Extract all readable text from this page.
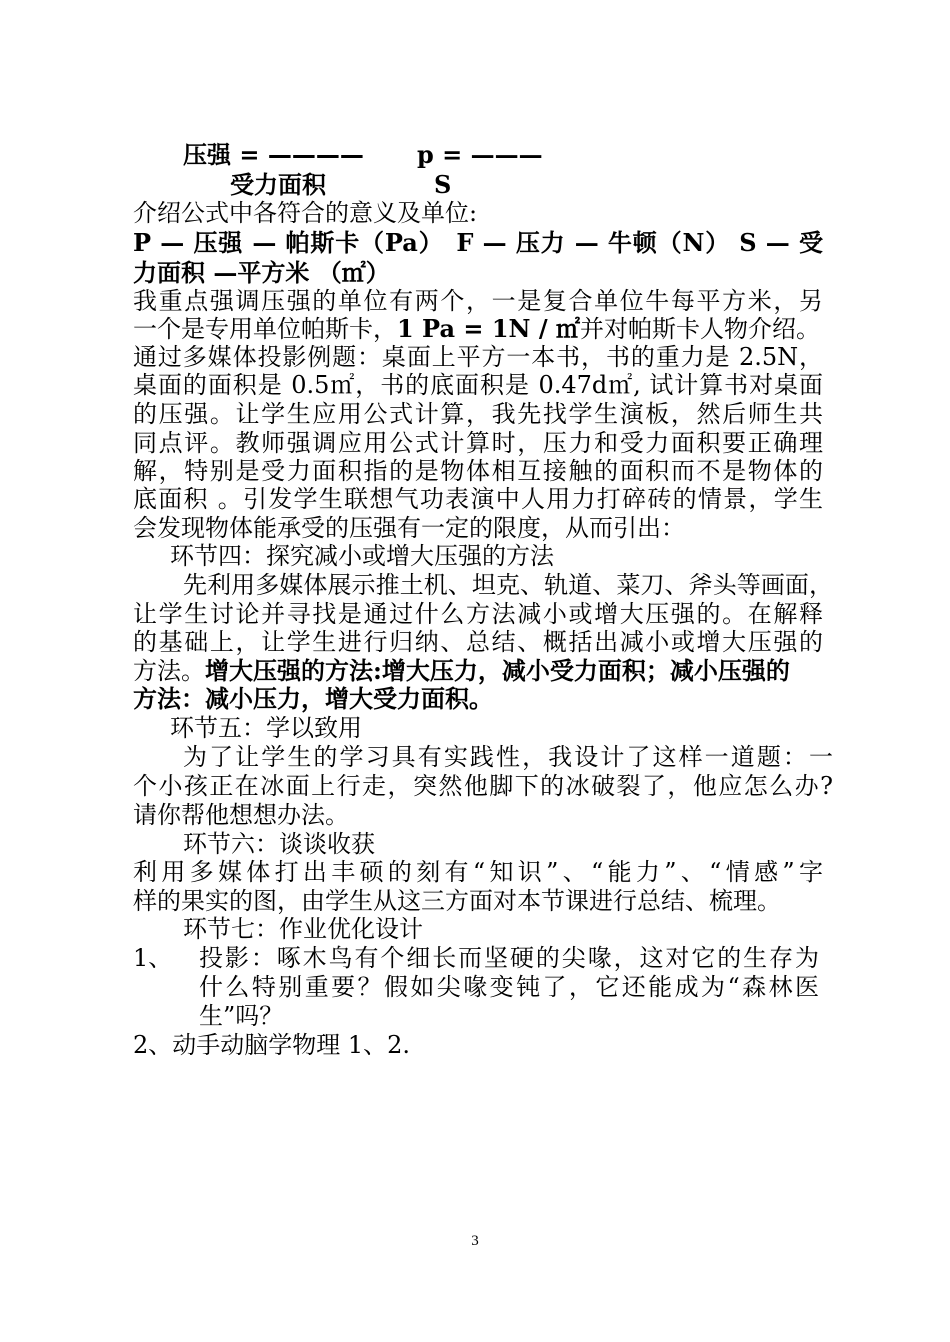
压强 = ———— p = ———
受力面积	S
介绍公式中各符合的意义及单位:
P — 压强 — 帕斯卡（Pa）　F — 压力 — 牛顿（N） S — 受
力面积 —平方米 （㎡）
我重点强调压强的单位有两个，一是复合单位牛每平方米，另
一个是专用单位帕斯卡，1 Pa = 1N / ㎡并对帕斯卡人物介绍。
通过多媒体投影例题：桌面上平方一本书，书的重力是 2.5N，
桌面的面积是 0.5㎡，书的底面积是 0.47d㎡, 试计算书对桌面
的压强。让学生应用公式计算，我先找学生演板，然后师生共
同点评。教师强调应用公式计算时，压力和受力面积要正确理
解，特别是受力面积指的是物体相互接触的面积而不是物体的
底面积 。引发学生联想气功表演中人用力打碎砖的情景，学生
会发现物体能承受的压强有一定的限度，从而引出：
环节四：探究减小或增大压强的方法
先利用多媒体展示推土机、坦克、轨道、菜刀、斧头等画面，
让学生讨论并寻找是通过什么方法减小或增大压强的。在解释
的基础上，让学生进行归纳、总结、概括出减小或增大压强的
方法。增大压强的方法:增大压力，减小受力面积；减小压强的
方法：减小压力，增大受力面积。
环节五：学以致用
为了让学生的学习具有实践性，我设计了这样一道题：一
个小孩正在冰面上行走，突然他脚下的冰破裂了，他应怎么办?
请你帮他想想办法。
环节六：谈谈收获
利用多媒体打出丰硕的刻有“知识”、“能力”、“情感”字
样的果实的图，由学生从这三方面对本节课进行总结、梳理。
环节七：作业优化设计
1、	投影：啄木鸟有个细长而坚硬的尖喙，这对它的生存为
什么特别重要？假如尖喙变钝了，它还能成为“森林医
生”吗？
2、动手动脑学物理 1、2.
3
